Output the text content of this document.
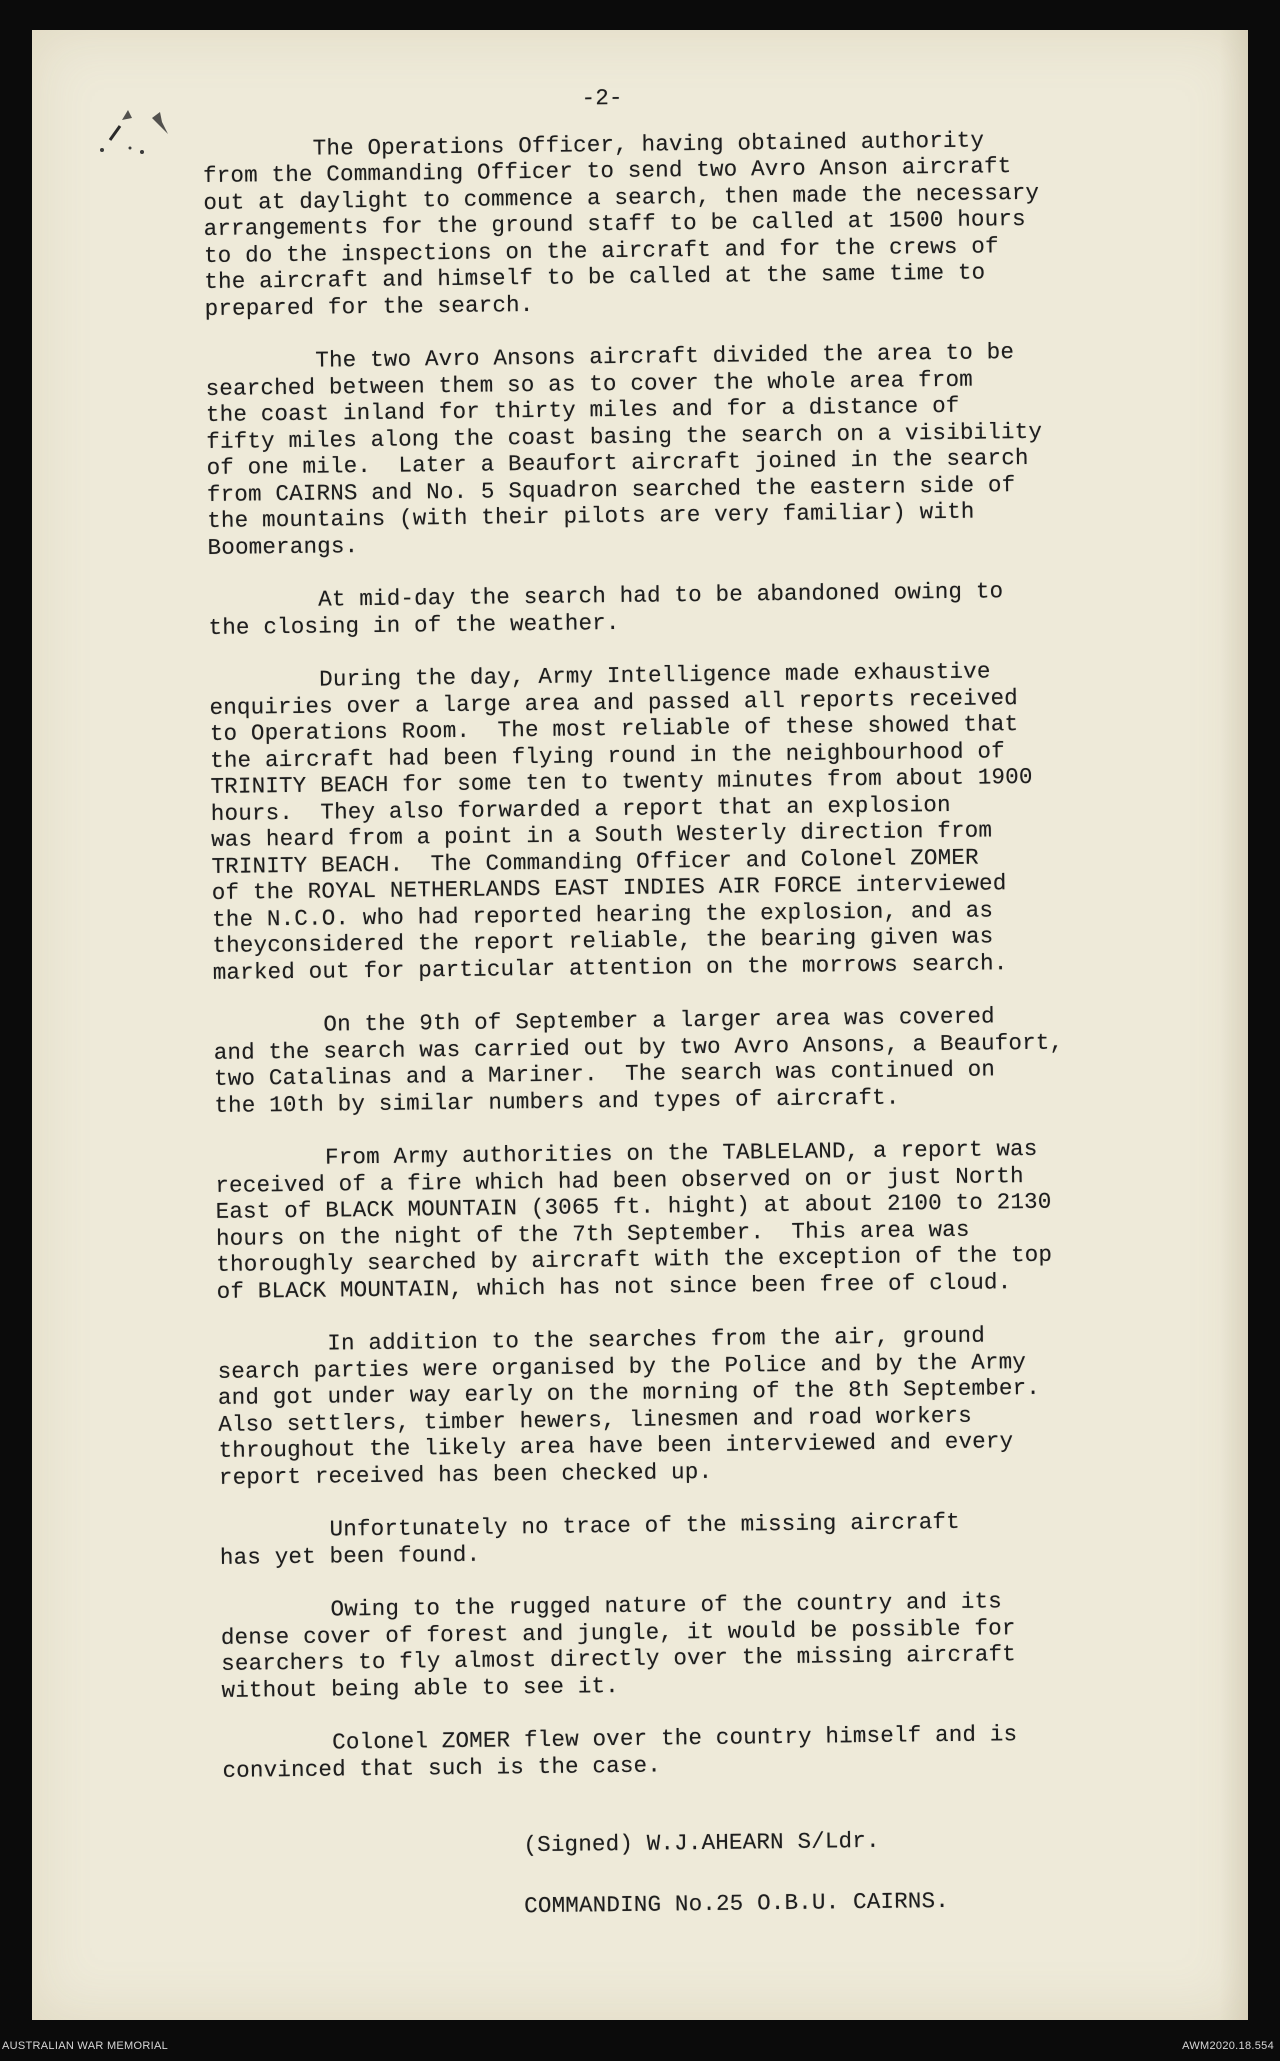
-2-
The Operations Officer, having obtained authority
from the Commanding Officer to send two Avro Anson aircraft
out at daylight to commence a search, then made the necessary
arrangements for the ground staff to be called at 1500 hours
to do the inspections on the aircraft and for the crews of
the aircraft and himself to be called at the same time to
prepared for the search.
The two Avro Ansons aircraft divided the area to be
searched between them so as to cover the whole area from
the coast inland for thirty miles and for a distance of
fifty miles along the coast basing the search on a visibility
of one mile.  Later a Beaufort aircraft joined in the search
from CAIRNS and No. 5 Squadron searched the eastern side of
the mountains (with their pilots are very familiar) with
Boomerangs.
At mid-day the search had to be abandoned owing to
the closing in of the weather.
During the day, Army Intelligence made exhaustive
enquiries over a large area and passed all reports received
to Operations Room.  The most reliable of these showed that
the aircraft had been flying round in the neighbourhood of
TRINITY BEACH for some ten to twenty minutes from about 1900
hours.  They also forwarded a report that an explosion
was heard from a point in a South Westerly direction from
TRINITY BEACH.  The Commanding Officer and Colonel ZOMER
of the ROYAL NETHERLANDS EAST INDIES AIR FORCE interviewed
the N.C.O. who had reported hearing the explosion, and as
theyconsidered the report reliable, the bearing given was
marked out for particular attention on the morrows search.
On the 9th of September a larger area was covered
and the search was carried out by two Avro Ansons, a Beaufort,
two Catalinas and a Mariner.  The search was continued on
the 10th by similar numbers and types of aircraft.
From Army authorities on the TABLELAND, a report was
received of a fire which had been observed on or just North
East of BLACK MOUNTAIN (3065 ft. hight) at about 2100 to 2130
hours on the night of the 7th September.  This area was
thoroughly searched by aircraft with the exception of the top
of BLACK MOUNTAIN, which has not since been free of cloud.
In addition to the searches from the air, ground
search parties were organised by the Police and by the Army
and got under way early on the morning of the 8th September.
Also settlers, timber hewers, linesmen and road workers
throughout the likely area have been interviewed and every
report received has been checked up.
Unfortunately no trace of the missing aircraft
has yet been found.
Owing to the rugged nature of the country and its
dense cover of forest and jungle, it would be possible for
searchers to fly almost directly over the missing aircraft
without being able to see it.
Colonel ZOMER flew over the country himself and is
convinced that such is the case.
(Signed) W.J.AHEARN S/Ldr.
COMMANDING No.25 O.B.U. CAIRNS.
AUSTRALIAN WAR MEMORIAL	AWM2020.18.554
